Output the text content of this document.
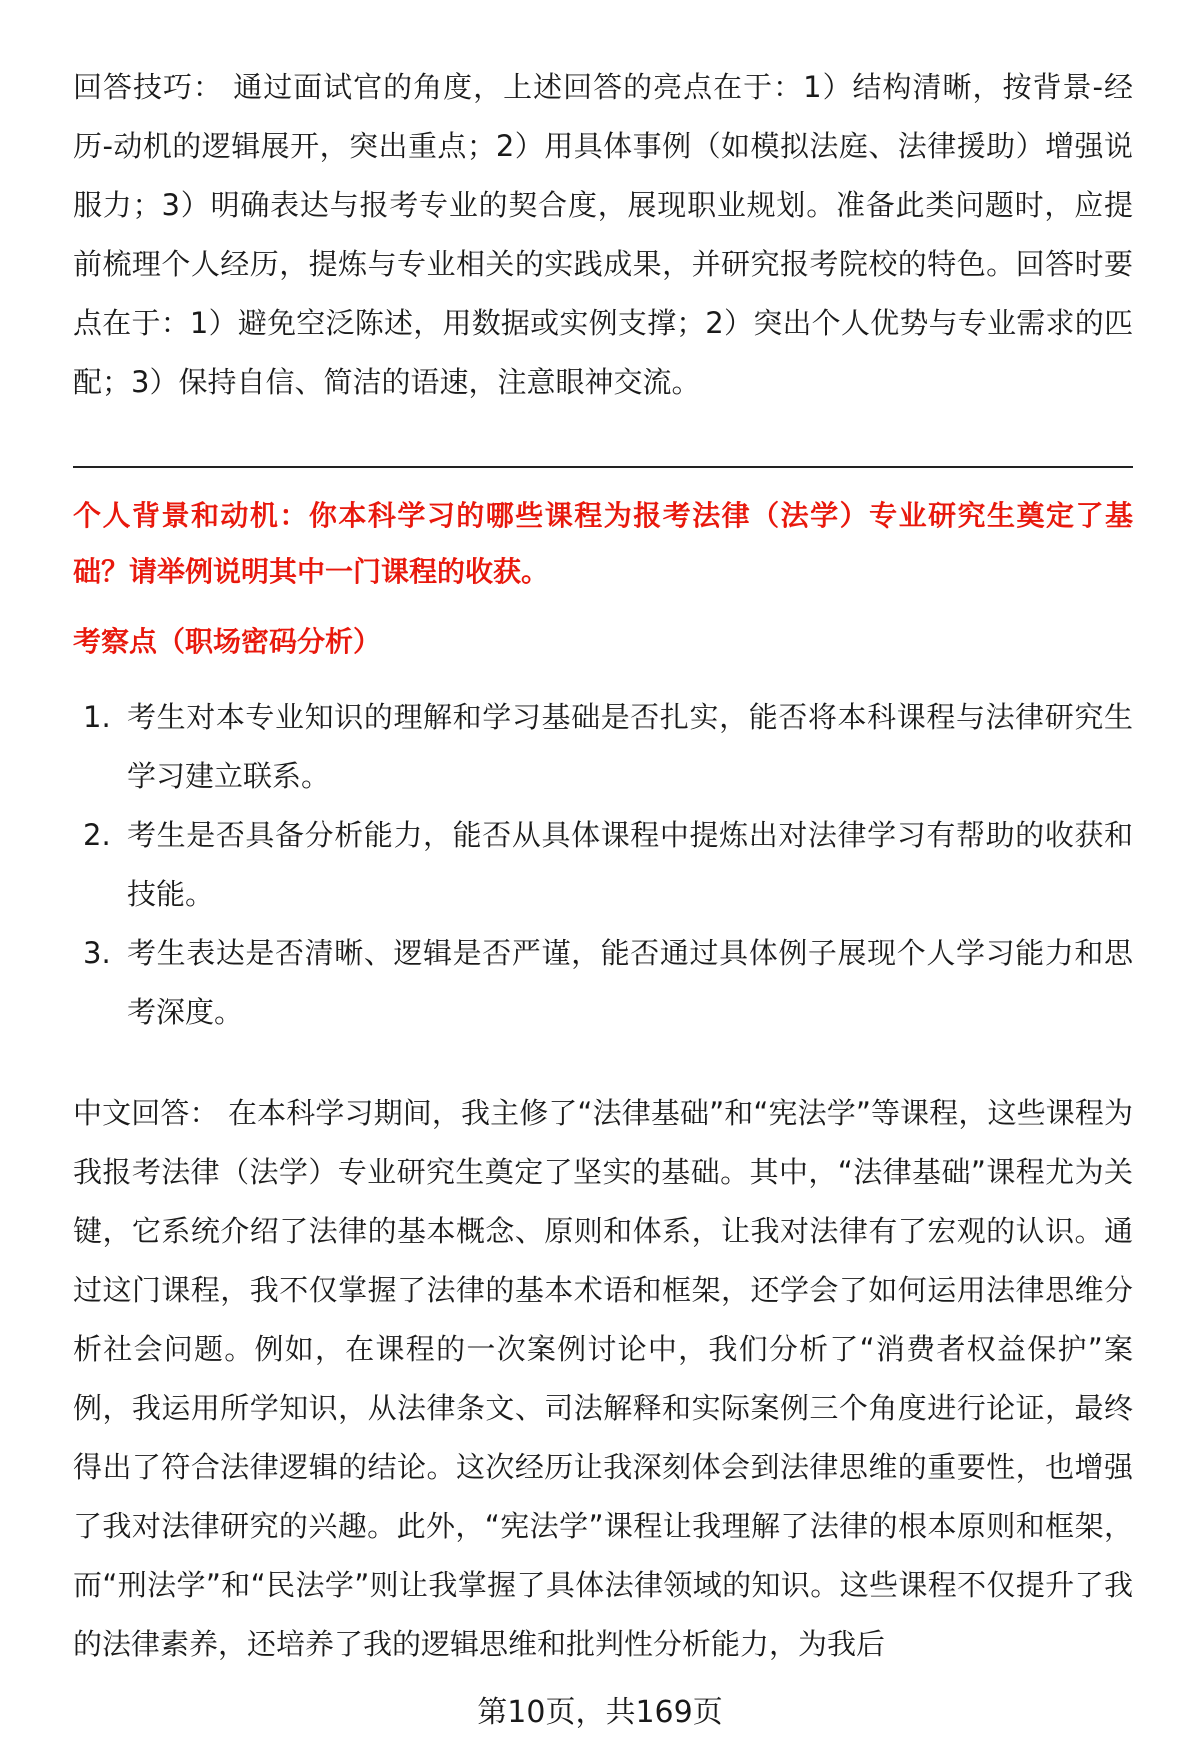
回答技巧： 通过面试官的角度，上述回答的亮点在于：1）结构清晰，按背景-经历-动机的逻辑展开，突出重点；2）用具体事例（如模拟法庭、法律援助）增强说服力；3）明确表达与报考专业的契合度，展现职业规划。准备此类问题时，应提前梳理个人经历，提炼与专业相关的实践成果，并研究报考院校的特色。回答时要点在于：1）避免空泛陈述，用数据或实例支撑；2）突出个人优势与专业需求的匹配；3）保持自信、简洁的语速，注意眼神交流。

个人背景和动机：你本科学习的哪些课程为报考法律（法学）专业研究生奠定了基础？请举例说明其中一门课程的收获。

考察点（职场密码分析）

1. 考生对本专业知识的理解和学习基础是否扎实，能否将本科课程与法律研究生学习建立联系。
2. 考生是否具备分析能力，能否从具体课程中提炼出对法律学习有帮助的收获和技能。
3. 考生表达是否清晰、逻辑是否严谨，能否通过具体例子展现个人学习能力和思考深度。

中文回答： 在本科学习期间，我主修了“法律基础”和“宪法学”等课程，这些课程为我报考法律（法学）专业研究生奠定了坚实的基础。其中，“法律基础”课程尤为关键，它系统介绍了法律的基本概念、原则和体系，让我对法律有了宏观的认识。通过这门课程，我不仅掌握了法律的基本术语和框架，还学会了如何运用法律思维分析社会问题。例如，在课程的一次案例讨论中，我们分析了“消费者权益保护”案例，我运用所学知识，从法律条文、司法解释和实际案例三个角度进行论证，最终得出了符合法律逻辑的结论。这次经历让我深刻体会到法律思维的重要性，也增强了我对法律研究的兴趣。此外，“宪法学”课程让我理解了法律的根本原则和框架，而“刑法学”和“民法学”则让我掌握了具体法律领域的知识。这些课程不仅提升了我的法律素养，还培养了我的逻辑思维和批判性分析能力，为我后

第10页，共169页
